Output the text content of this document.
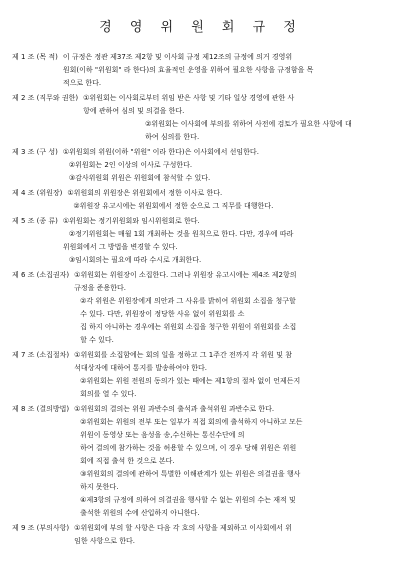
경 영 위 원 회 규 정
제 1 조 (목 적) 이 규정은 정관 제37조 제2항 및 이사회 규정 제12조의 규정에 의거 경영위

원회(이하 "위원회" 라 한다)의 효율적인 운영을 위하여 필요한 사항을 규정함을 목

적으로 한다.

제 2 조 (직무와 권한) ①위원회는 이사회로부터 위임 받은 사항 및 기타 일상 경영에 관한 사

항에 관하여 심의 및 의결을 한다.

②위원회는 이사회에 부의를 위하여 사전에 검토가 필요한 사항에 대

하여 심의를 한다.

제 3 조 (구 성) ①위원회의 위원(이하 "위원" 이라 한다)은 이사회에서 선임한다.

②위원회는 2인 이상의 이사로 구성한다.

③감사위원회 위원은 위원회에 참석할 수 있다.

제 4 조 (위원장) ①위원회의 위원장은 위원회에서 정한 이사로 한다.

②위원장 유고시에는 위원회에서 정한 순으로 그 직무를 대행한다.

제 5 조 (종 류) ①위원회는 정기위원회와 임시위원회로 한다.

②정기위원회는 매월 1회 개최하는 것을 원칙으로 한다. 다만, 경우에 따라

위원회에서 그 방법을 변경할 수 있다.

③임시회의는 필요에 따라 수시로 개최한다.

제 6 조 (소집권자) ①위원회는 위원장이 소집한다. 그러나 위원장 유고시에는 제4조 제2항의

규정을 준용한다.

②각 위원은 위원장에게 의안과 그 사유를 밝히여 위원회 소집을 청구할

수 있다. 다만, 위원장이 정당한 사유 없이 위원회를 소

집 하지 아니하는 경우에는 위원회 소집을 청구한 위원이 위원회를 소집

할 수 있다.

제 7 조 (소집절차) ①위원회를 소집함에는 회의 일을 정하고 그 1주간 전까지 각 위원 및 참

석대상자에 대하여 통지를 발송하여야 한다.

②위원회는 위원 전원의 동의가 있는 때에는 제1항의 절차 없이 언제든지

회의를 열 수 있다.

제 8 조 (결의방법) ①위원회의 결의는 위원 과반수의 출석과 출석위원 과반수로 한다.

②위원회는 위원의 전부 또는 일부가 직접 회의에 출석하지 아니하고 모든

위원이 동영상 또는 음성을 송,수신하는 통신수단에 의

하여 결의에 참가하는 것을 허용할 수 있으며, 이 경우 당해 위원은 위원

회에 직접 출석 한 것으로 본다.

③위원회의 결의에 관하여 특별한 이해관계가 있는 위원은 의결권을 행사

하지 못한다.

④제3항의 규정에 의하여 의결권을 행사할 수 없는 위원의 수는 재적 및

출석한 위원의 수에 산입하지 아니한다.

제 9 조 (부의사항) ①위원회에 부의 할 사항은 다음 각 호의 사항을 제외하고 이사회에서 위

임한 사항으로 한다.
